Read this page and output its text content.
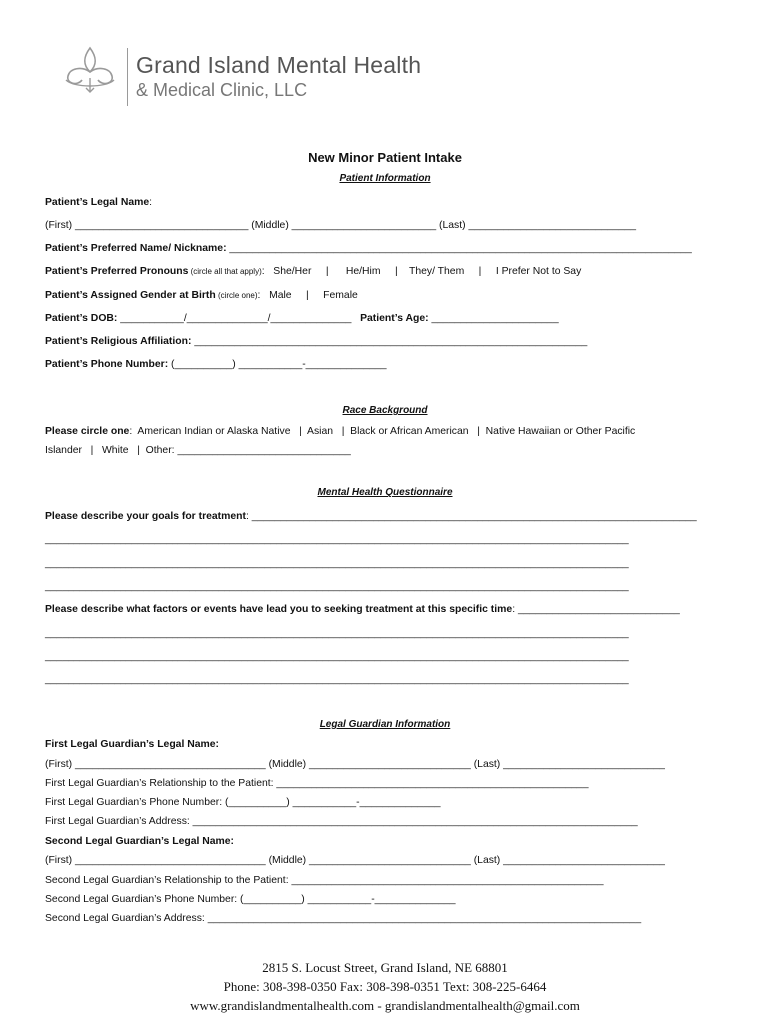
Grand Island Mental Health
& Medical Clinic, LLC
New Minor Patient Intake
Patient Information
Patient’s Legal Name:
(First) ______________________________ (Middle) _________________________ (Last) _____________________________
Patient’s Preferred Name/ Nickname: ________________________________________________________________________________
Patient’s Preferred Pronouns (circle all that apply):   She/Her     |      He/Him     |    They/ Them     |     I Prefer Not to Say
Patient’s Assigned Gender at Birth (circle one):   Male     |     Female
Patient’s DOB: ___________/______________/______________   Patient’s Age: ______________________
Patient’s Religious Affiliation: ____________________________________________________________________
Patient’s Phone Number: (__________) ___________-______________
Race Background
Please circle one:  American Indian or Alaska Native   |  Asian   |  Black or African American   |  Native Hawaiian or Other Pacific
Islander   |   White   |  Other: ______________________________
Mental Health Questionnaire
Please describe your goals for treatment: _____________________________________________________________________________
_____________________________________________________________________________________________________
_____________________________________________________________________________________________________
_____________________________________________________________________________________________________
Please describe what factors or events have lead you to seeking treatment at this specific time: ____________________________
_____________________________________________________________________________________________________
_____________________________________________________________________________________________________
_____________________________________________________________________________________________________
Legal Guardian Information
First Legal Guardian’s Legal Name:
(First) _________________________________ (Middle) ____________________________ (Last) ____________________________
First Legal Guardian’s Relationship to the Patient: ______________________________________________________
First Legal Guardian’s Phone Number: (__________) ___________-______________
First Legal Guardian’s Address: _____________________________________________________________________________
Second Legal Guardian’s Legal Name:
(First) _________________________________ (Middle) ____________________________ (Last) ____________________________
Second Legal Guardian’s Relationship to the Patient: ______________________________________________________
Second Legal Guardian’s Phone Number: (__________) ___________-______________
Second Legal Guardian’s Address: ___________________________________________________________________________
2815 S. Locust Street, Grand Island, NE 68801
Phone: 308-398-0350 Fax: 308-398-0351 Text: 308-225-6464
www.grandislandmentalhealth.com - grandislandmentalhealth@gmail.com
